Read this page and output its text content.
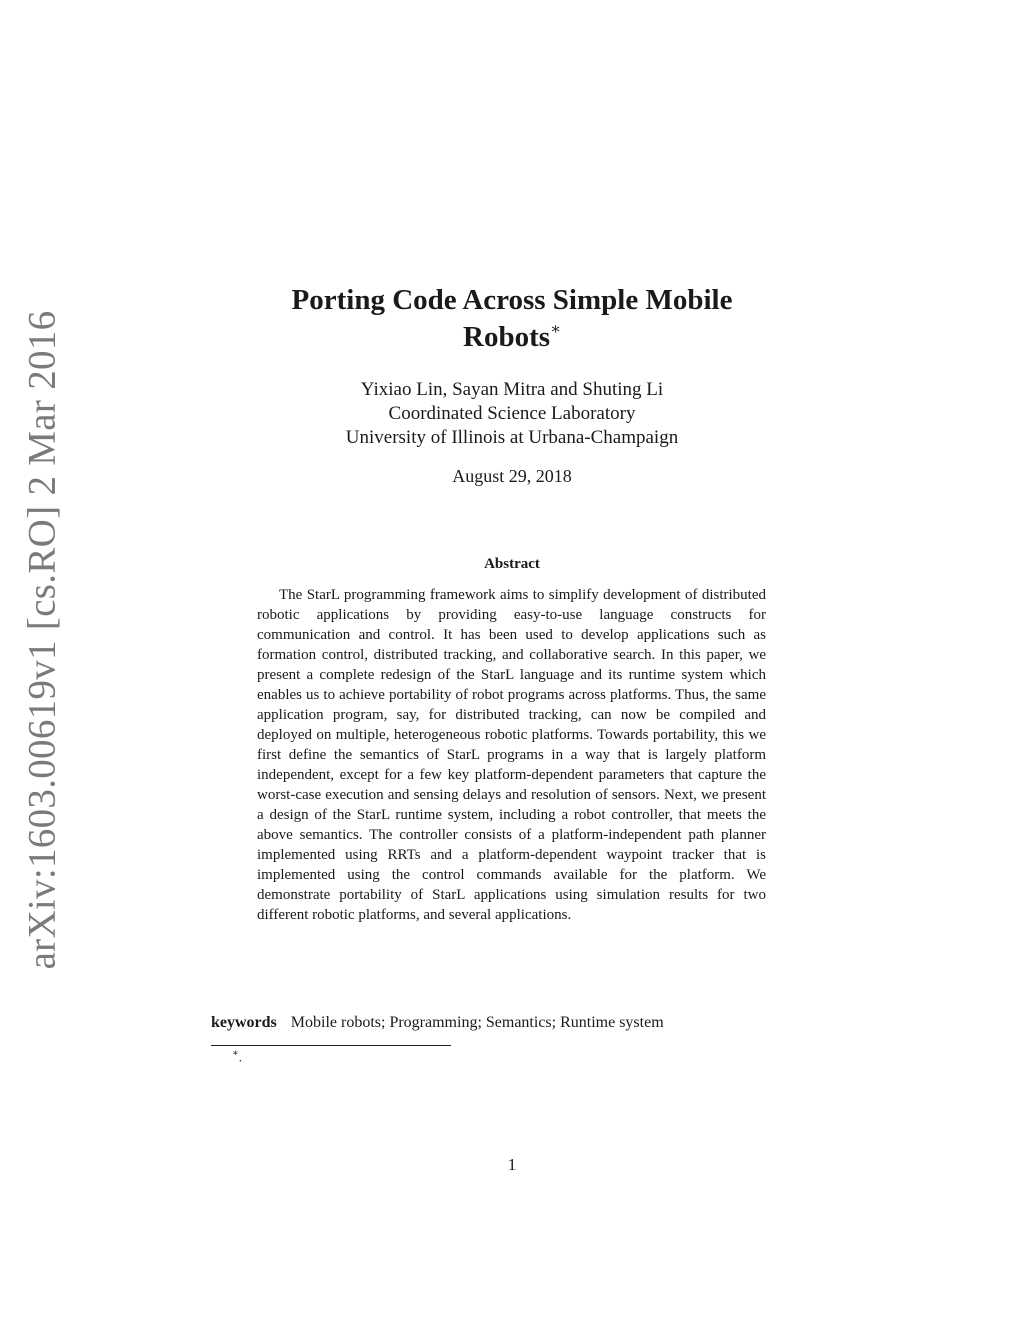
arXiv:1603.00619v1 [cs.RO] 2 Mar 2016
Porting Code Across Simple Mobile
Robots∗
Yixiao Lin, Sayan Mitra and Shuting Li
Coordinated Science Laboratory
University of Illinois at Urbana-Champaign
August 29, 2018
Abstract

The StarL programming framework aims to simplify development of distributed robotic applications by providing easy-to-use language constructs for communication and control. It has been used to develop applications such as formation control, distributed tracking, and collaborative search. In this paper, we present a complete redesign of the StarL language and its runtime system which enables us to achieve portability of robot programs across platforms. Thus, the same application program, say, for distributed tracking, can now be compiled and deployed on multiple, heterogeneous robotic platforms. Towards portability, this we first define the semantics of StarL programs in a way that is largely platform independent, except for a few key platform-dependent parameters that capture the worst-case execution and sensing delays and resolution of sensors. Next, we present a design of the StarL runtime system, including a robot controller, that meets the above semantics. The controller consists of a platform-independent path planner implemented using RRTs and a platform-dependent waypoint tracker that is implemented using the control commands available for the platform. We demonstrate portability of StarL applications using simulation results for two different robotic platforms, and several applications.

keywords Mobile robots; Programming; Semantics; Runtime system
∗.
1
